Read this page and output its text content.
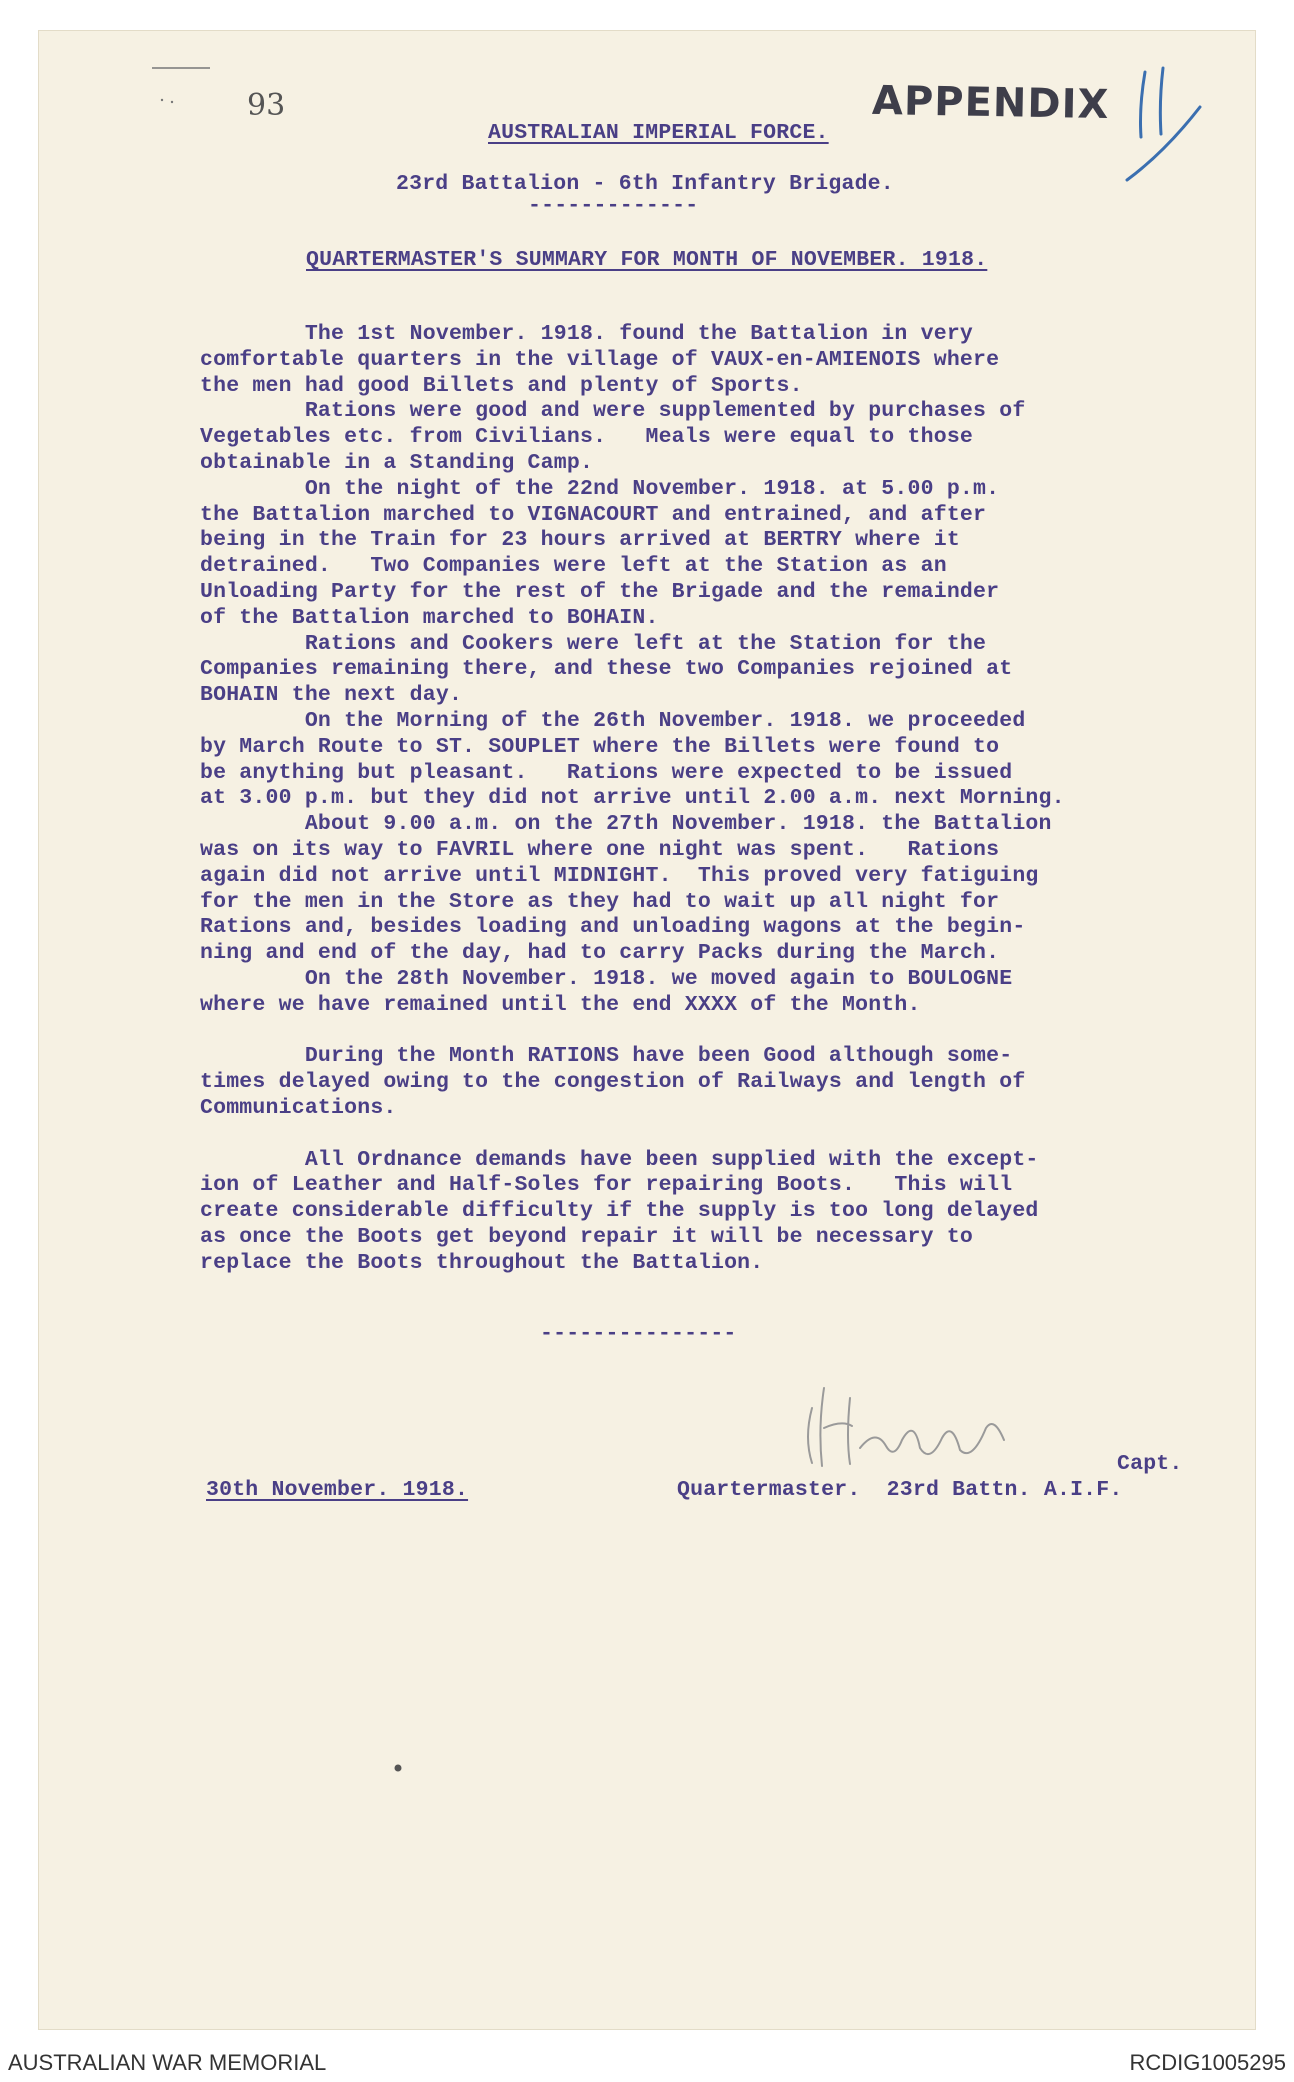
93	APPENDIX
AUSTRALIAN IMPERIAL FORCE.
23rd Battalion - 6th Infantry Brigade.
-------------
QUARTERMASTER'S SUMMARY FOR MONTH OF NOVEMBER. 1918.
The 1st November. 1918. found the Battalion in very
comfortable quarters in the village of VAUX-en-AMIENOIS where
the men had good Billets and plenty of Sports.
Rations were good and were supplemented by purchases of
Vegetables etc. from Civilians.   Meals were equal to those
obtainable in a Standing Camp.
On the night of the 22nd November. 1918. at 5.00 p.m.
the Battalion marched to VIGNACOURT and entrained, and after
being in the Train for 23 hours arrived at BERTRY where it
detrained.   Two Companies were left at the Station as an
Unloading Party for the rest of the Brigade and the remainder
of the Battalion marched to BOHAIN.
Rations and Cookers were left at the Station for the
Companies remaining there, and these two Companies rejoined at
BOHAIN the next day.
On the Morning of the 26th November. 1918. we proceeded
by March Route to ST. SOUPLET where the Billets were found to
be anything but pleasant.   Rations were expected to be issued
at 3.00 p.m. but they did not arrive until 2.00 a.m. next Morning.
About 9.00 a.m. on the 27th November. 1918. the Battalion
was on its way to FAVRIL where one night was spent.   Rations
again did not arrive until MIDNIGHT.  This proved very fatiguing
for the men in the Store as they had to wait up all night for
Rations and, besides loading and unloading wagons at the begin-
ning and end of the day, had to carry Packs during the March.
On the 28th November. 1918. we moved again to BOULOGNE
where we have remained until the end XXXX of the Month.

During the Month RATIONS have been Good although some-
times delayed owing to the congestion of Railways and length of
Communications.

All Ordnance demands have been supplied with the except-
ion of Leather and Half-Soles for repairing Boots.   This will
create considerable difficulty if the supply is too long delayed
as once the Boots get beyond repair it will be necessary to
replace the Boots throughout the Battalion.
---------------
Capt.
30th November. 1918.	Quartermaster.  23rd Battn. A.I.F.
AUSTRALIAN WAR MEMORIAL	RCDIG1005295
